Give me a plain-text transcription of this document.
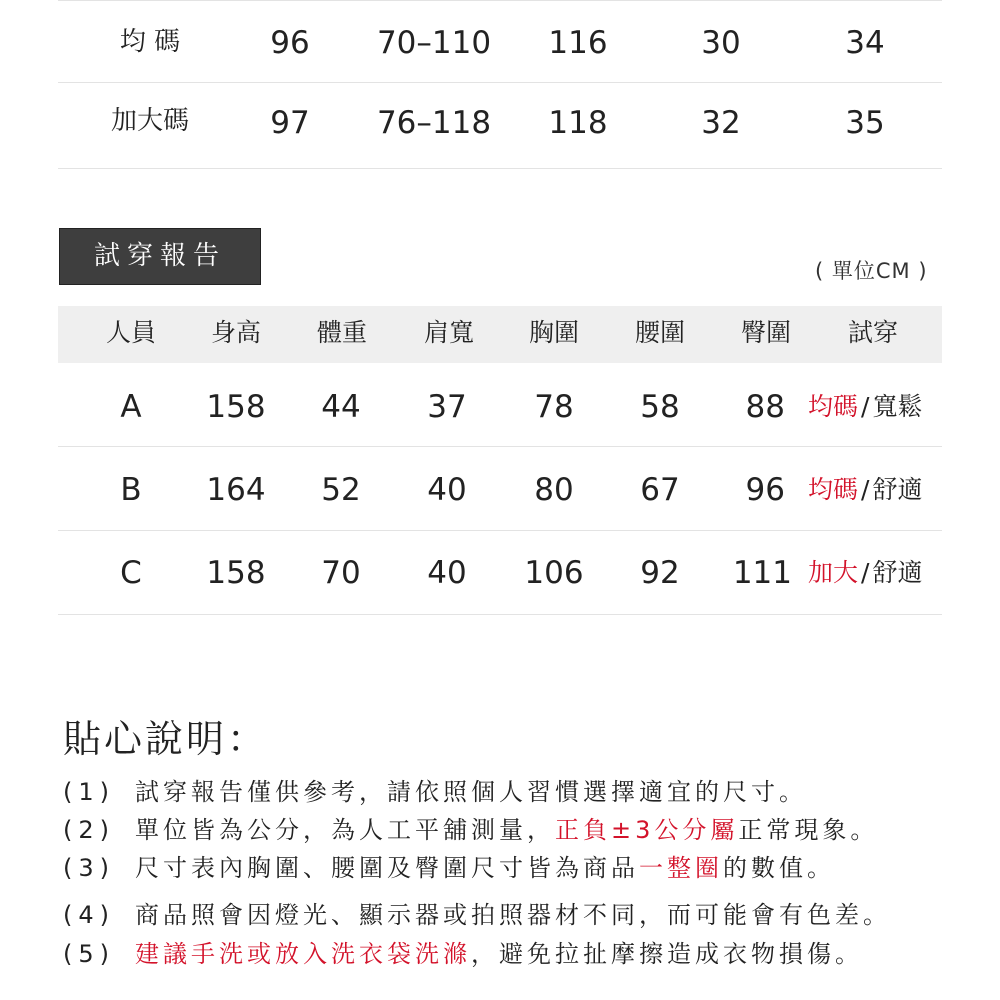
均 碼	96 70–110 116	30	34
加大碼	97 76–118 118	32	35
試穿報告	( 單位CM )
人員 身高 體重 肩寬 胸圍 腰圍 臀圍 試穿
A 158 44 37 78 58 88 均碼 / 寬鬆
B 164 52 40 80 67 96 均碼 / 舒適
C 158 70 40 106 92 111 加大 / 舒適
貼心說明：
(1) 試穿報告僅供參考，請依照個人習慣選擇適宜的尺寸。
(2) 單位皆為公分，為人工平舖測量，正負±3公分屬正常現象。
(3) 尺寸表內胸圍、腰圍及臀圍尺寸皆為商品一整圈的數值。
(4) 商品照會因燈光、顯示器或拍照器材不同，而可能會有色差。
(5) 建議手洗或放入洗衣袋洗滌，避免拉扯摩擦造成衣物損傷。
